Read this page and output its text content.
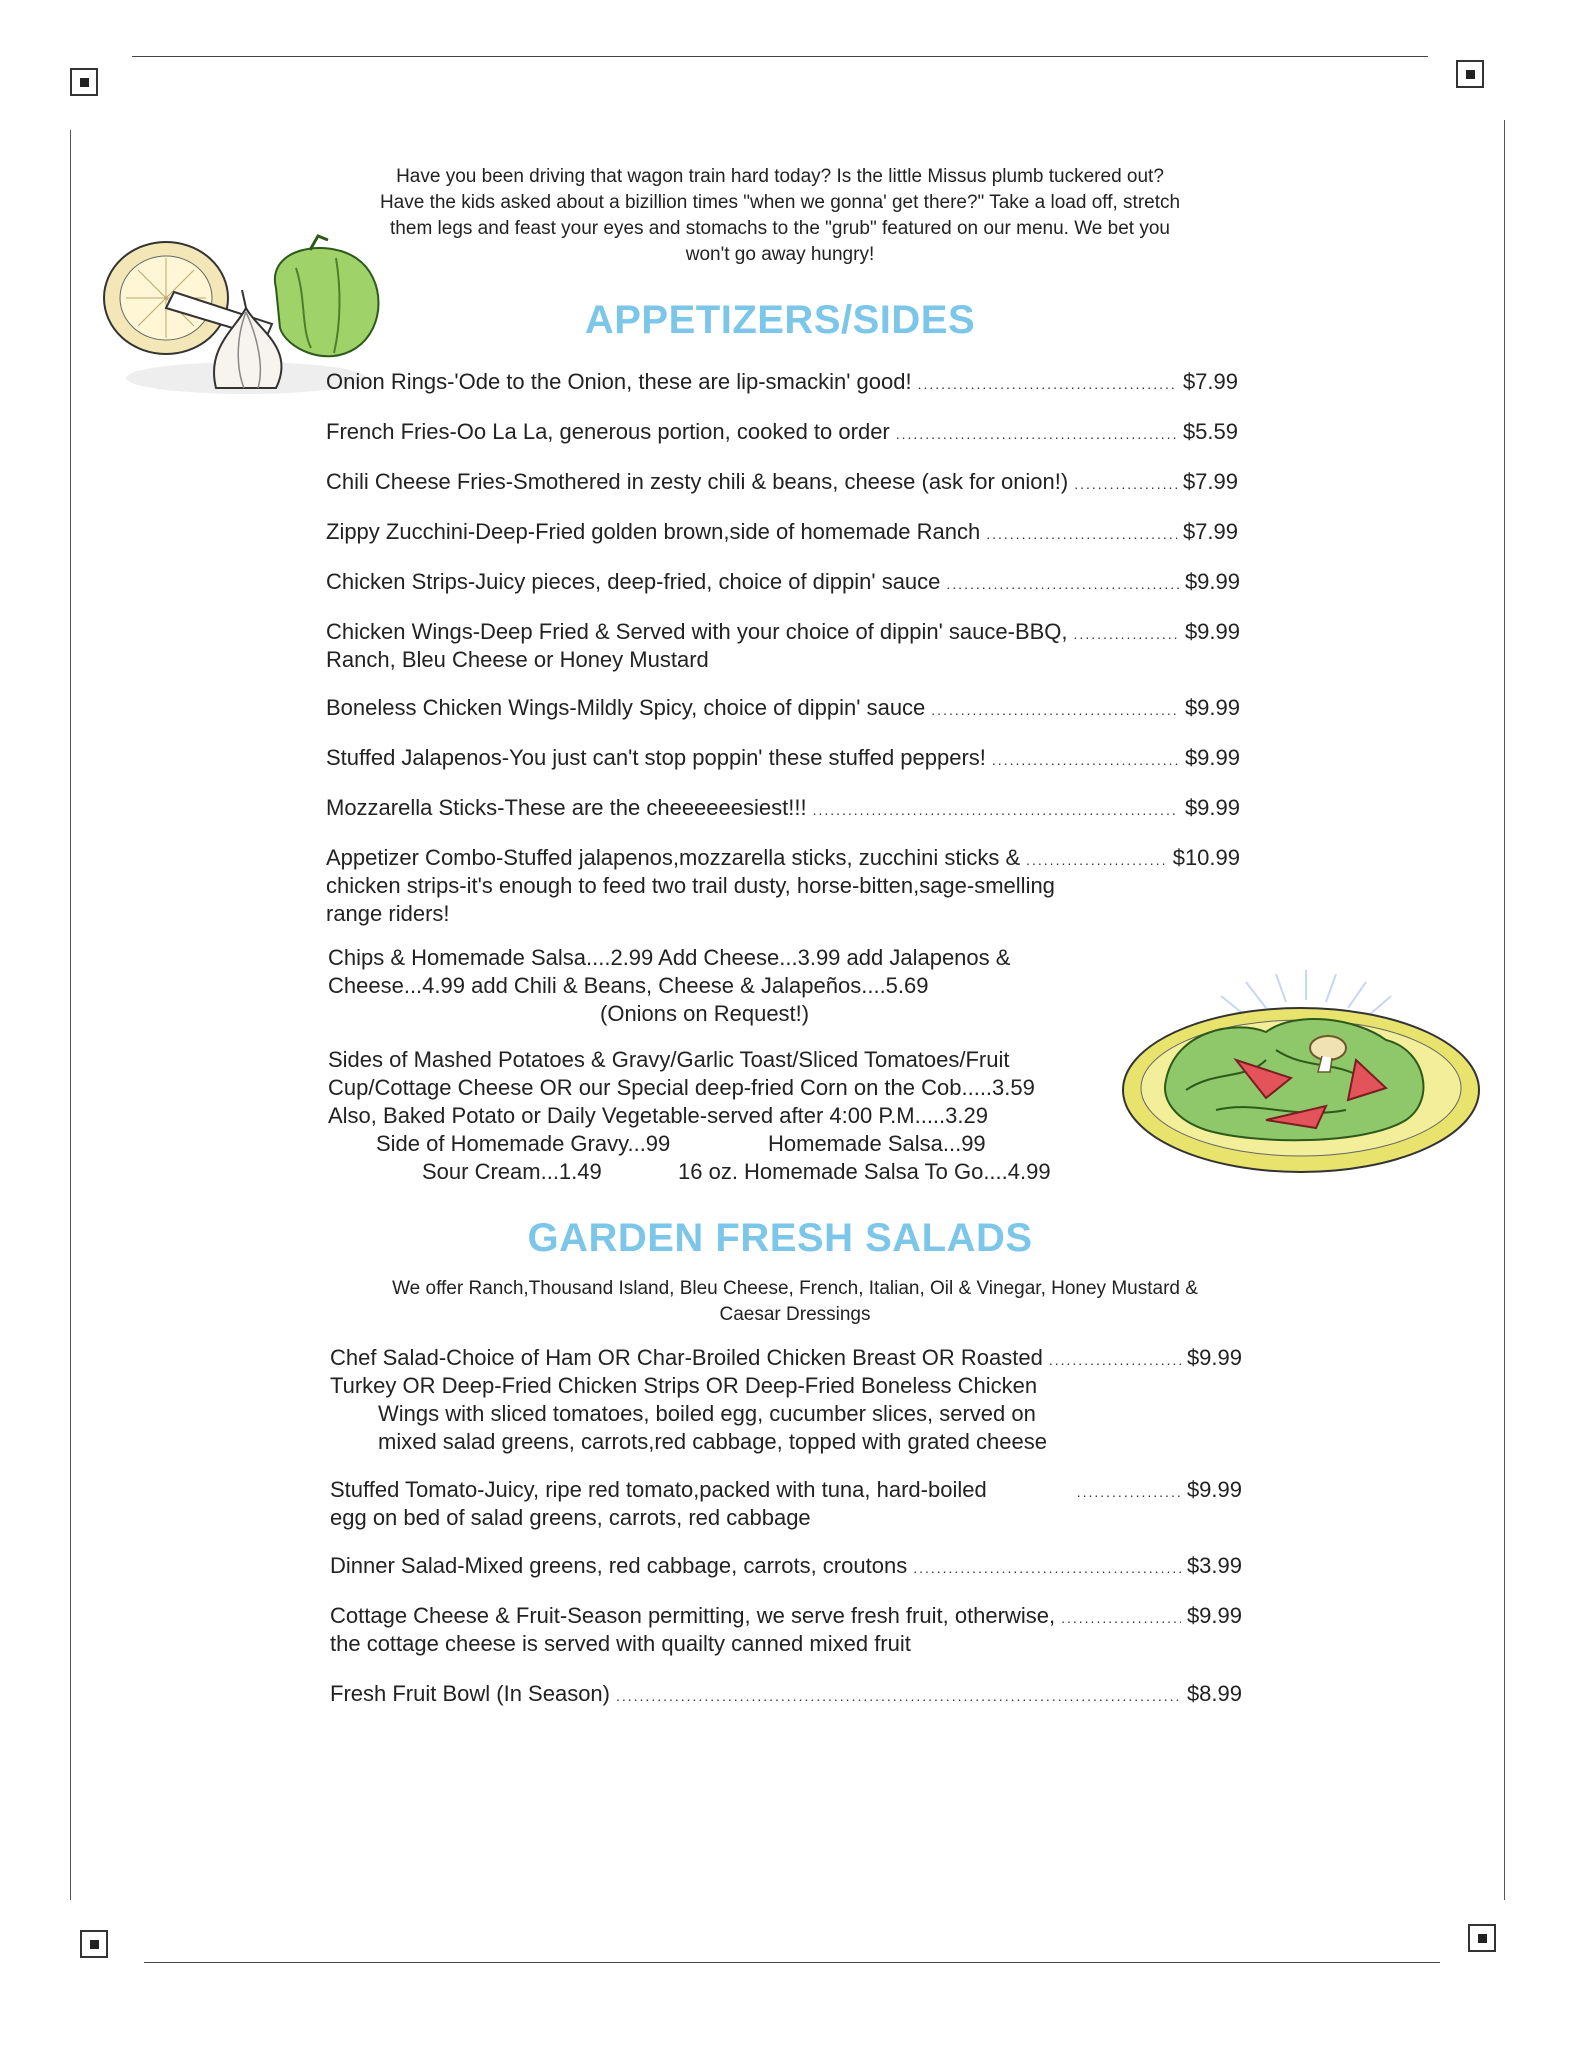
Have you been driving that wagon train hard today? Is the little Missus plumb tuckered out?
Have the kids asked about a bizillion times "when we gonna' get there?" Take a load off, stretch
them legs and feast your eyes and stomachs to the "grub" featured on our menu. We bet you
won't go away hungry!
APPETIZERS/SIDES
Onion Rings-'Ode to the Onion, these are lip-smackin' good! .....	$7.99
French Fries-Oo La La, generous portion, cooked to order .....	$5.59
Chili Cheese Fries-Smothered in zesty chili & beans, cheese (ask for onion!) .....	$7.99
Zippy Zucchini-Deep-Fried golden brown,side of homemade Ranch .....	$7.99
Chicken Strips-Juicy pieces, deep-fried, choice of dippin' sauce .....	$9.99
Chicken Wings-Deep Fried & Served with your choice of dippin' sauce-BBQ, .....	$9.99
Ranch, Bleu Cheese or Honey Mustard
Boneless Chicken Wings-Mildly Spicy, choice of dippin' sauce .....	$9.99
Stuffed Jalapenos-You just can't stop poppin' these stuffed peppers! .....	$9.99
Mozzarella Sticks-These are the cheeeeeesiest!!! .....	$9.99
Appetizer Combo-Stuffed jalapenos,mozzarella sticks, zucchini sticks & .....	$10.99
chicken strips-it's enough to feed two trail dusty, horse-bitten,sage-smelling
range riders!
Chips & Homemade Salsa....2.99 Add Cheese...3.99 add Jalapenos &
Cheese...4.99 add Chili & Beans, Cheese & Jalapeños....5.69
(Onions on Request!)
Sides of Mashed Potatoes & Gravy/Garlic Toast/Sliced Tomatoes/Fruit
Cup/Cottage Cheese OR our Special deep-fried Corn on the Cob.....3.59
Also, Baked Potato or Daily Vegetable-served after 4:00 P.M.....3.29
Side of Homemade Gravy...99	Homemade Salsa...99
Sour Cream...1.49	16 oz. Homemade Salsa To Go....4.99
GARDEN FRESH SALADS
We offer Ranch,Thousand Island, Bleu Cheese, French, Italian, Oil & Vinegar, Honey Mustard &
Caesar Dressings
Chef Salad-Choice of Ham OR Char-Broiled Chicken Breast OR Roasted .....	$9.99
Turkey OR Deep-Fried Chicken Strips OR Deep-Fried Boneless Chicken
Wings with sliced tomatoes, boiled egg, cucumber slices, served on
mixed salad greens, carrots,red cabbage, topped with grated cheese
Stuffed Tomato-Juicy, ripe red tomato,packed with tuna, hard-boiled .....	$9.99
egg on bed of salad greens, carrots, red cabbage
Dinner Salad-Mixed greens, red cabbage, carrots, croutons .....	$3.99
Cottage Cheese & Fruit-Season permitting, we serve fresh fruit, otherwise, .....	$9.99
the cottage cheese is served with quailty canned mixed fruit
Fresh Fruit Bowl (In Season) .....	$8.99
